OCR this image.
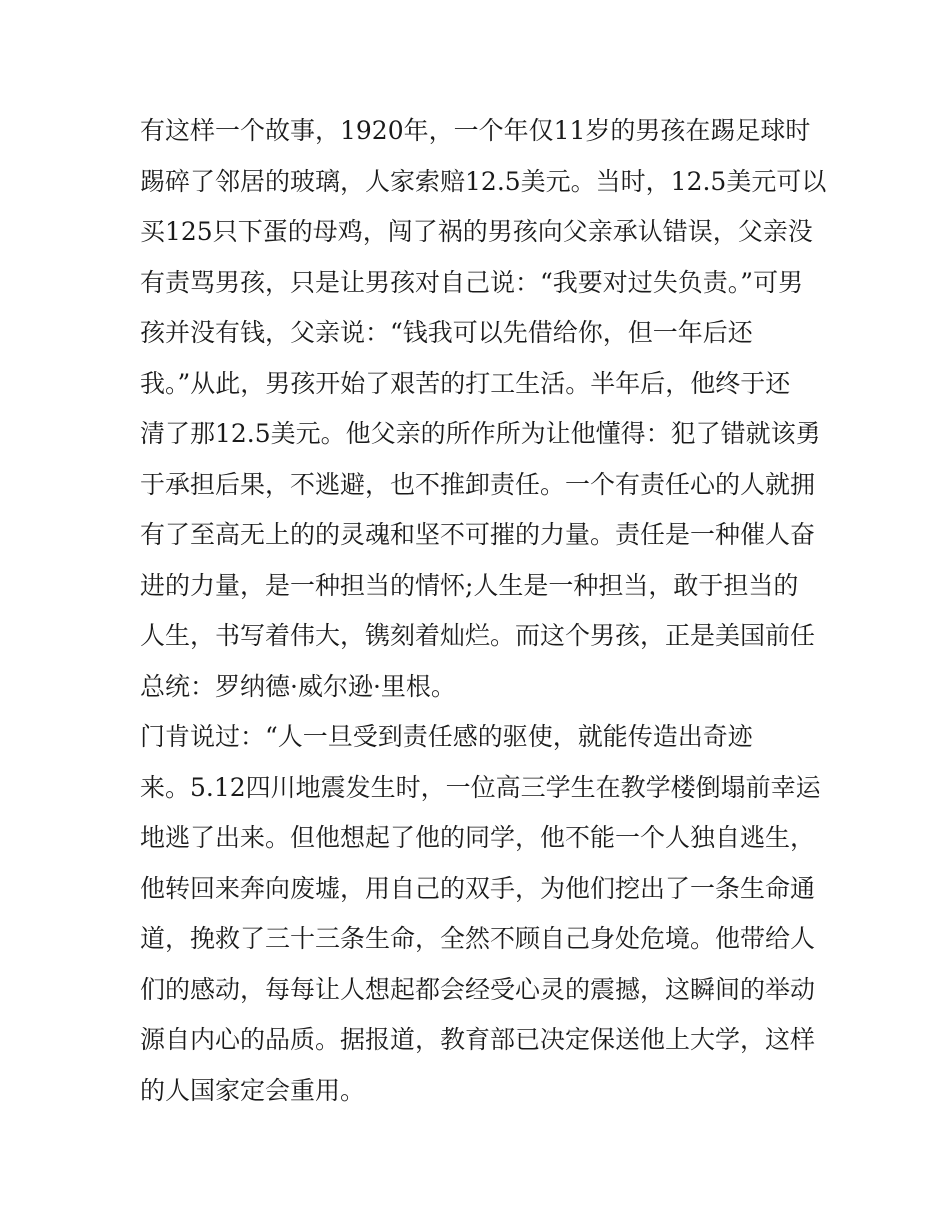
有这样一个故事，1920年，一个年仅11岁的男孩在踢足球时
踢碎了邻居的玻璃，人家索赔12.5美元。当时，12.5美元可以
买125只下蛋的母鸡，闯了祸的男孩向父亲承认错误，父亲没
有责骂男孩，只是让男孩对自己说：“我要对过失负责。”可男
孩并没有钱，父亲说：“钱我可以先借给你，但一年后还
我。”从此，男孩开始了艰苦的打工生活。半年后，他终于还
清了那12.5美元。他父亲的所作所为让他懂得：犯了错就该勇
于承担后果，不逃避，也不推卸责任。一个有责任心的人就拥
有了至高无上的的灵魂和坚不可摧的力量。责任是一种催人奋
进的力量，是一种担当的情怀;人生是一种担当，敢于担当的
人生，书写着伟大，镌刻着灿烂。而这个男孩，正是美国前任
总统：罗纳德·威尔逊·里根。
门肯说过：“人一旦受到责任感的驱使，就能传造出奇迹
来。5.12四川地震发生时，一位高三学生在教学楼倒塌前幸运
地逃了出来。但他想起了他的同学，他不能一个人独自逃生，
他转回来奔向废墟，用自己的双手，为他们挖出了一条生命通
道，挽救了三十三条生命，全然不顾自己身处危境。他带给人
们的感动，每每让人想起都会经受心灵的震撼，这瞬间的举动
源自内心的品质。据报道，教育部已决定保送他上大学，这样
的人国家定会重用。
